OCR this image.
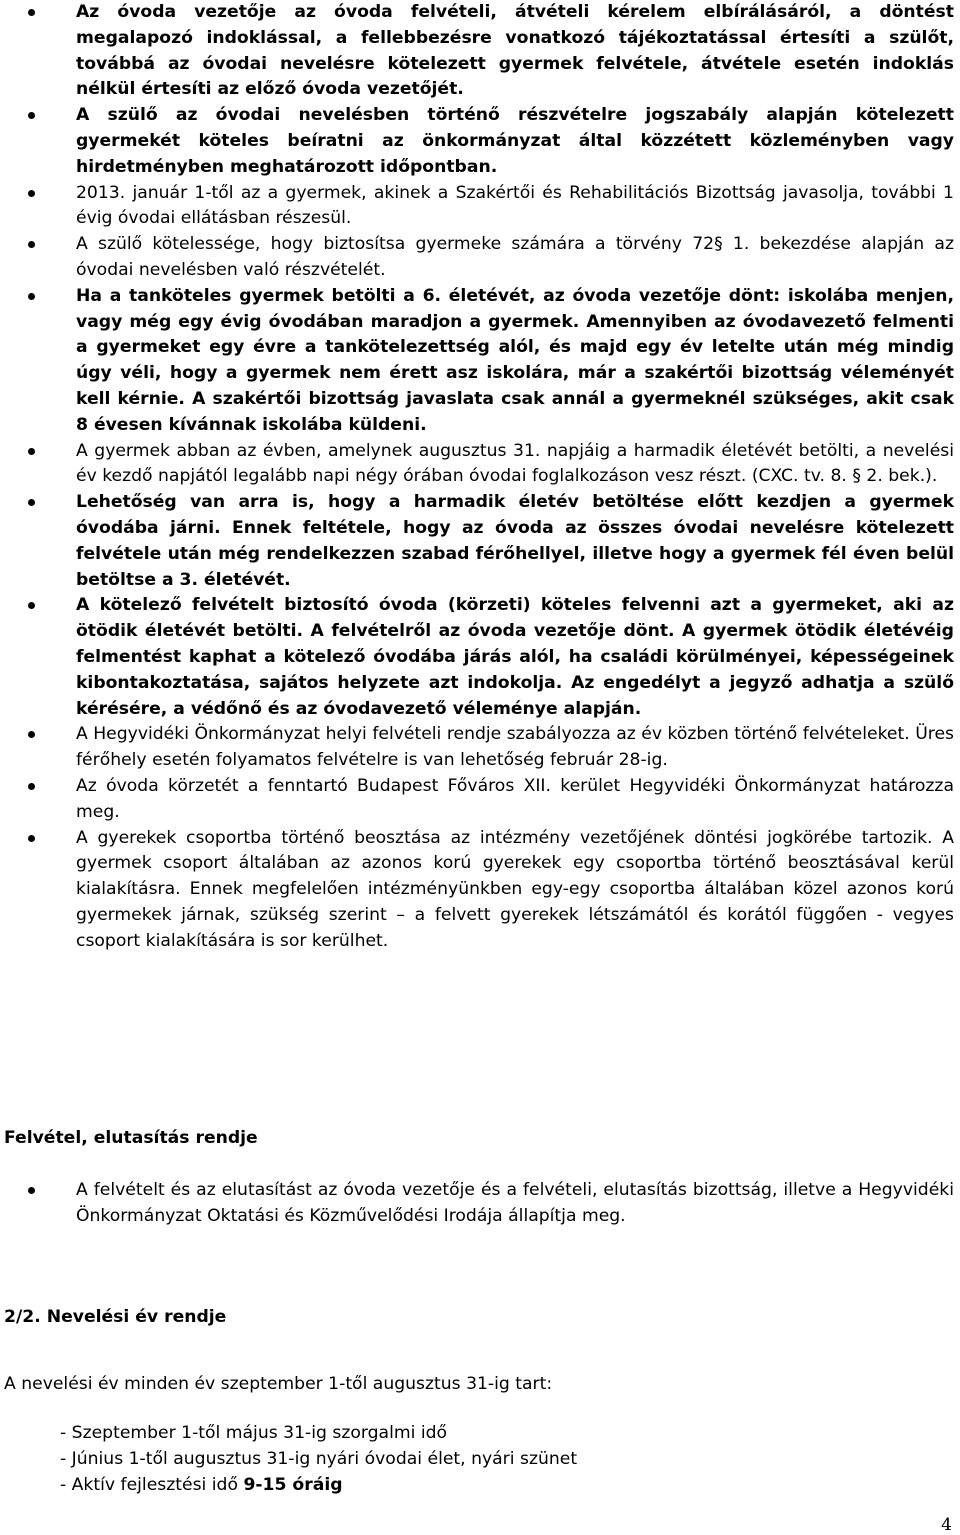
Az óvoda vezetője az óvoda felvételi, átvételi kérelem elbírálásáról, a döntést megalapozó indoklással, a fellebbezésre vonatkozó tájékoztatással értesíti a szülőt, továbbá az óvodai nevelésre kötelezett gyermek felvétele, átvétele esetén indoklás nélkül értesíti az előző óvoda vezetőjét.
A szülő az óvodai nevelésben történő részvételre jogszabály alapján kötelezett gyermekét köteles beíratni az önkormányzat által közzétett közleményben vagy hirdetményben meghatározott időpontban.
2013. január 1-től az a gyermek, akinek a Szakértői és Rehabilitációs Bizottság javasolja, további 1 évig óvodai ellátásban részesül.
A szülő kötelessége, hogy biztosítsa gyermeke számára a törvény 72§ 1. bekezdése alapján az óvodai nevelésben való részvételét.
Ha a tanköteles gyermek betölti a 6. életévét, az óvoda vezetője dönt: iskolába menjen, vagy még egy évig óvodában maradjon a gyermek. Amennyiben az óvodavezető felmenti a gyermeket egy évre a tankötelezettség alól, és majd egy év letelte után még mindig úgy véli, hogy a gyermek nem érett asz iskolára, már a szakértői bizottság véleményét kell kérnie. A szakértői bizottság javaslata csak annál a gyermeknél szükséges, akit csak 8 évesen kívánnak iskolába küldeni.
A gyermek abban az évben, amelynek augusztus 31. napjáig a harmadik életévét betölti, a nevelési év kezdő napjától legalább napi négy órában óvodai foglalkozáson vesz részt. (CXC. tv. 8. § 2. bek.).
Lehetőség van arra is, hogy a harmadik életév betöltése előtt kezdjen a gyermek óvodába járni. Ennek feltétele, hogy az óvoda az összes óvodai nevelésre kötelezett felvétele után még rendelkezzen szabad férőhellyel, illetve hogy a gyermek fél éven belül betöltse a 3. életévét.
A kötelező felvételt biztosító óvoda (körzeti) köteles felvenni azt a gyermeket, aki az ötödik életévét betölti. A felvételről az óvoda vezetője dönt. A gyermek ötödik életévéig felmentést kaphat a kötelező óvodába járás alól, ha családi körülményei, képességeinek kibontakoztatása, sajátos helyzete azt indokolja. Az engedélyt a jegyző adhatja a szülő kérésére, a védőnő és az óvodavezető véleménye alapján.
A Hegyvidéki Önkormányzat helyi felvételi rendje szabályozza az év közben történő felvételeket. Üres férőhely esetén folyamatos felvételre is van lehetőség február 28-ig.
Az óvoda körzetét a fenntartó Budapest Főváros XII. kerület Hegyvidéki Önkormányzat határozza meg.
A gyerekek csoportba történő beosztása az intézmény vezetőjének döntési jogkörébe tartozik. A gyermek csoport általában az azonos korú gyerekek egy csoportba történő beosztásával kerül kialakításra. Ennek megfelelően intézményünkben egy-egy csoportba általában közel azonos korú gyermekek járnak, szükség szerint – a felvett gyerekek létszámától és korától függően - vegyes csoport kialakítására is sor kerülhet.
Felvétel, elutasítás rendje
A felvételt és az elutasítást az óvoda vezetője és a felvételi, elutasítás bizottság, illetve a Hegyvidéki Önkormányzat Oktatási és Közművelődési Irodája állapítja meg.
2/2. Nevelési év rendje
A nevelési év minden év szeptember 1-től augusztus 31-ig tart:
- Szeptember 1-től május 31-ig szorgalmi idő
- Június 1-től augusztus 31-ig nyári óvodai élet, nyári szünet
- Aktív fejlesztési idő 9-15 óráig
4
